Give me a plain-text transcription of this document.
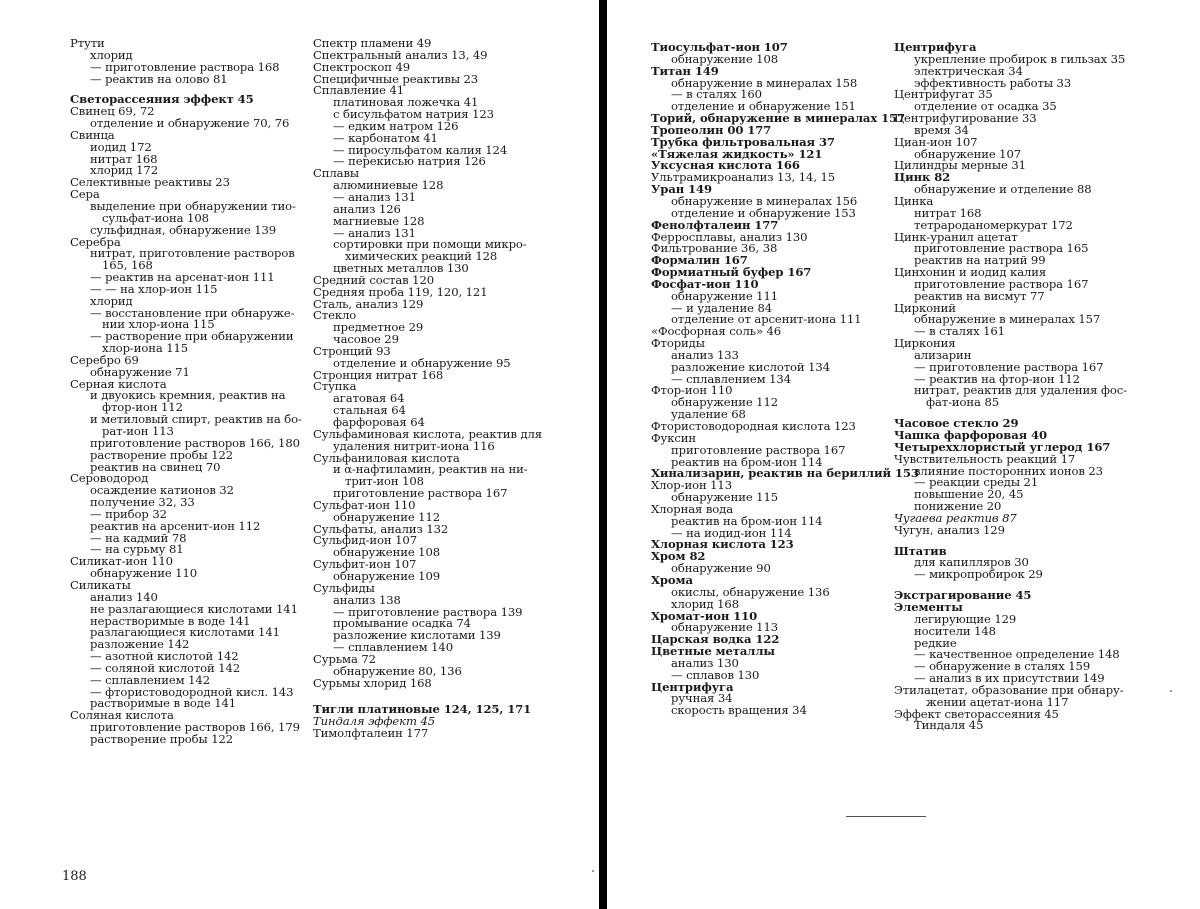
Ртути
хлорид
— приготовление раствора 168
— реактив на олово 81
Светорассеяния эффект 45
Свинец 69, 72
отделение и обнаружение 70, 76
Свинца
иодид 172
нитрат 168
хлорид 172
Селективные реактивы 23
Сера
выделение при обнаружении тио-
сульфат-иона 108
сульфидная, обнаружение 139
Серебра
нитрат, приготовление растворов
165, 168
— реактив на арсенат-ион 111
— — на хлор-ион 115
хлорид
— восстановление при обнаруже-
нии хлор-иона 115
— растворение при обнаружении
хлор-иона 115
Серебро 69
обнаружение 71
Серная кислота
и двуокись кремния, реактив на
фтор-ион 112
и метиловый спирт, реактив на бо-
рат-ион 113
приготовление растворов 166, 180
растворение пробы 122
реактив на свинец 70
Сероводород
осаждение катионов 32
получение 32, 33
— прибор 32
реактив на арсенит-ион 112
— на кадмий 78
— на сурьму 81
Силикат-ион 110
обнаружение 110
Силикаты
анализ 140
не разлагающиеся кислотами 141
нерастворимые в воде 141
разлагающиеся кислотами 141
разложение 142
— азотной кислотой 142
— соляной кислотой 142
— сплавлением 142
— фтористоводородной кисл. 143
растворимые в воде 141
Соляная кислота
приготовление растворов 166, 179
растворение пробы 122
Спектр пламени 49
Спектральный анализ 13, 49
Спектроскоп 49
Специфичные реактивы 23
Сплавление 41
платиновая ложечка 41
с бисульфатом натрия 123
— едким натром 126
— карбонатом 41
— пиросульфатом калия 124
— перекисью натрия 126
Сплавы
алюминиевые 128
— анализ 131
анализ 126
магниевые 128
— анализ 131
сортировки при помощи микро-
химических реакций 128
цветных металлов 130
Средний состав 120
Средняя проба 119, 120, 121
Сталь, анализ 129
Стекло
предметное 29
часовое 29
Стронций 93
отделение и обнаружение 95
Стронция нитрат 168
Ступка
агатовая 64
стальная 64
фарфоровая 64
Сульфаминовая кислота, реактив для
удаления нитрит-иона 116
Сульфаниловая кислота
и α-нафтиламин, реактив на ни-
трит-ион 108
приготовление раствора 167
Сульфат-ион 110
обнаружение 112
Сульфаты, анализ 132
Сульфид-ион 107
обнаружение 108
Сульфит-ион 107
обнаружение 109
Сульфиды
анализ 138
— приготовление раствора 139
промывание осадка 74
разложение кислотами 139
— сплавлением 140
Сурьма 72
обнаружение 80, 136
Сурьмы хлорид 168
Тигли платиновые 124, 125, 171
Тиндаля эффект 45
Тимолфталеин 177
188
Тиосульфат-ион 107
обнаружение 108
Титан 149
обнаружение в минералах 158
— в сталях 160
отделение и обнаружение 151
Торий, обнаружение в минералах 157
Тропеолин 00 177
Трубка фильтровальная 37
«Тяжелая жидкость» 121
Уксусная кислота 166
Ультрамикроанализ 13, 14, 15
Уран 149
обнаружение в минералах 156
отделение и обнаружение 153
Фенолфталеин 177
Ферросплавы, анализ 130
Фильтрование 36, 38
Формалин 167
Формиатный буфер 167
Фосфат-ион 110
обнаружение 111
— и удаление 84
отделение от арсенит-иона 111
«Фосфорная соль» 46
Фториды
анализ 133
разложение кислотой 134
— сплавлением 134
Фтор-ион 110
обнаружение 112
удаление 68
Фтористоводородная кислота 123
Фуксин
приготовление раствора 167
реактив на бром-ион 114
Хинализарин, реактив на бериллий 153
Хлор-ион 113
обнаружение 115
Хлорная вода
реактив на бром-ион 114
— на иодид-ион 114
Хлорная кислота 123
Хром 82
обнаружение 90
Хрома
окислы, обнаружение 136
хлорид 168
Хромат-ион 110
обнаружение 113
Царская водка 122
Цветные металлы
анализ 130
— сплавов 130
Центрифуга
ручная 34
скорость вращения 34
Центрифуга
укрепление пробирок в гильзах 35
электрическая 34
эффективность работы 33
Центрифугат 35
отделение от осадка 35
Центрифугирование 33
время 34
Циан-ион 107
обнаружение 107
Цилиндры мерные 31
Цинк 82
обнаружение и отделение 88
Цинка
нитрат 168
тетрароданомеркурат 172
Цинк-уранил ацетат
приготовление раствора 165
реактив на натрий 99
Цинхонин и иодид калия
приготовление раствора 167
реактив на висмут 77
Цирконий
обнаружение в минералах 157
— в сталях 161
Циркония
ализарин
— приготовление раствора 167
— реактив на фтор-ион 112
нитрат, реактив для удаления фос-
фат-иона 85
Часовое стекло 29
Чашка фарфоровая 40
Четыреххлористый углерод 167
Чувствительность реакций 17
влияние посторонних ионов 23
— реакции среды 21
повышение 20, 45
понижение 20
Чугаева реактив 87
Чугун, анализ 129
Штатив
для капилляров 30
— микропробирок 29
Экстрагирование 45
Элементы
легирующие 129
носители 148
редкие
— качественное определение 148
— обнаружение в сталях 159
— анализ в их присутствии 149
Этилацетат, образование при обнару-
жении ацетат-иона 117
Эффект светорассеяния 45
Тиндаля 45
